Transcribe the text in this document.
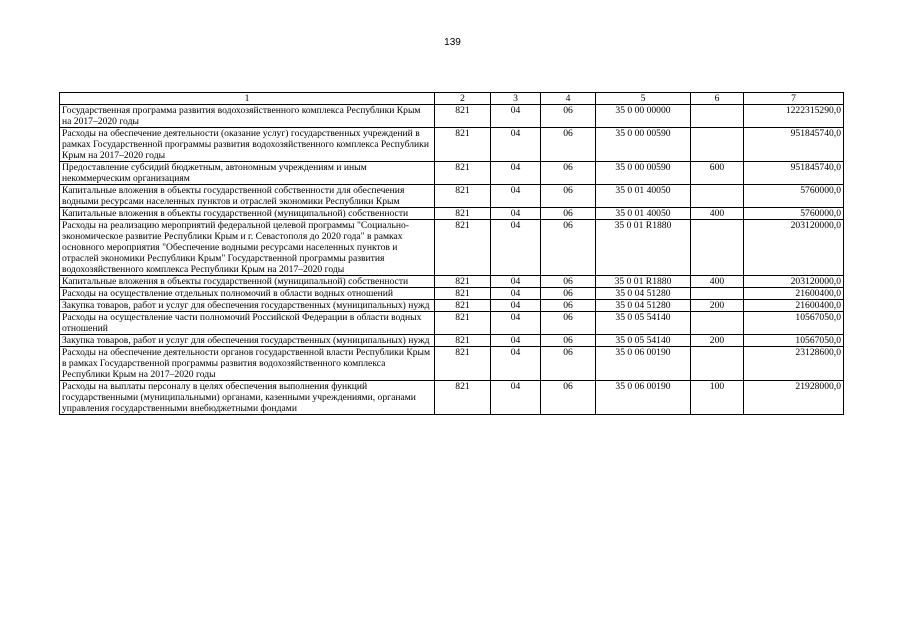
139
1	2	3	4	5	6	7
Государственная программа развития водохозяйственного комплекса Республики Крым на 2017–2020 годы	821	04	06	35 0 00 00000		1222315290,0
Расходы на обеспечение деятельности (оказание услуг) государственных учреждений в рамках Государственной программы развития водохозяйственного комплекса Республики Крым на 2017–2020 годы	821	04	06	35 0 00 00590		951845740,0
Предоставление субсидий бюджетным, автономным учреждениям и иным некоммерческим организациям	821	04	06	35 0 00 00590	600	951845740,0
Капитальные вложения в объекты государственной собственности для обеспечения водными ресурсами населенных пунктов и отраслей экономики Республики Крым	821	04	06	35 0 01 40050		5760000,0
Капитальные вложения в объекты государственной (муниципальной) собственности	821	04	06	35 0 01 40050	400	5760000,0
Расходы на реализацию мероприятий федеральной целевой программы "Социально-экономическое развитие Республики Крым и г. Севастополя до 2020 года" в рамках основного мероприятия "Обеспечение водными ресурсами населенных пунктов и отраслей экономики Республики Крым" Государственной программы развития водохозяйственного комплекса Республики Крым на 2017–2020 годы	821	04	06	35 0 01 R1880		203120000,0
Капитальные вложения в объекты государственной (муниципальной) собственности	821	04	06	35 0 01 R1880	400	203120000,0
Расходы на осуществление отдельных полномочий в области водных отношений	821	04	06	35 0 04 51280		21600400,0
Закупка товаров, работ и услуг для обеспечения государственных (муниципальных) нужд	821	04	06	35 0 04 51280	200	21600400,0
Расходы на осуществление части полномочий Российской Федерации в области водных отношений	821	04	06	35 0 05 54140		10567050,0
Закупка товаров, работ и услуг для обеспечения государственных (муниципальных) нужд	821	04	06	35 0 05 54140	200	10567050,0
Расходы на обеспечение деятельности органов государственной власти Республики Крым в рамках Государственной программы развития водохозяйственного комплекса Республики Крым на 2017–2020 годы	821	04	06	35 0 06 00190		23128600,0
Расходы на выплаты персоналу в целях обеспечения выполнения функций государственными (муниципальными) органами, казенными учреждениями, органами управления государственными внебюджетными фондами	821	04	06	35 0 06 00190	100	21928000,0
